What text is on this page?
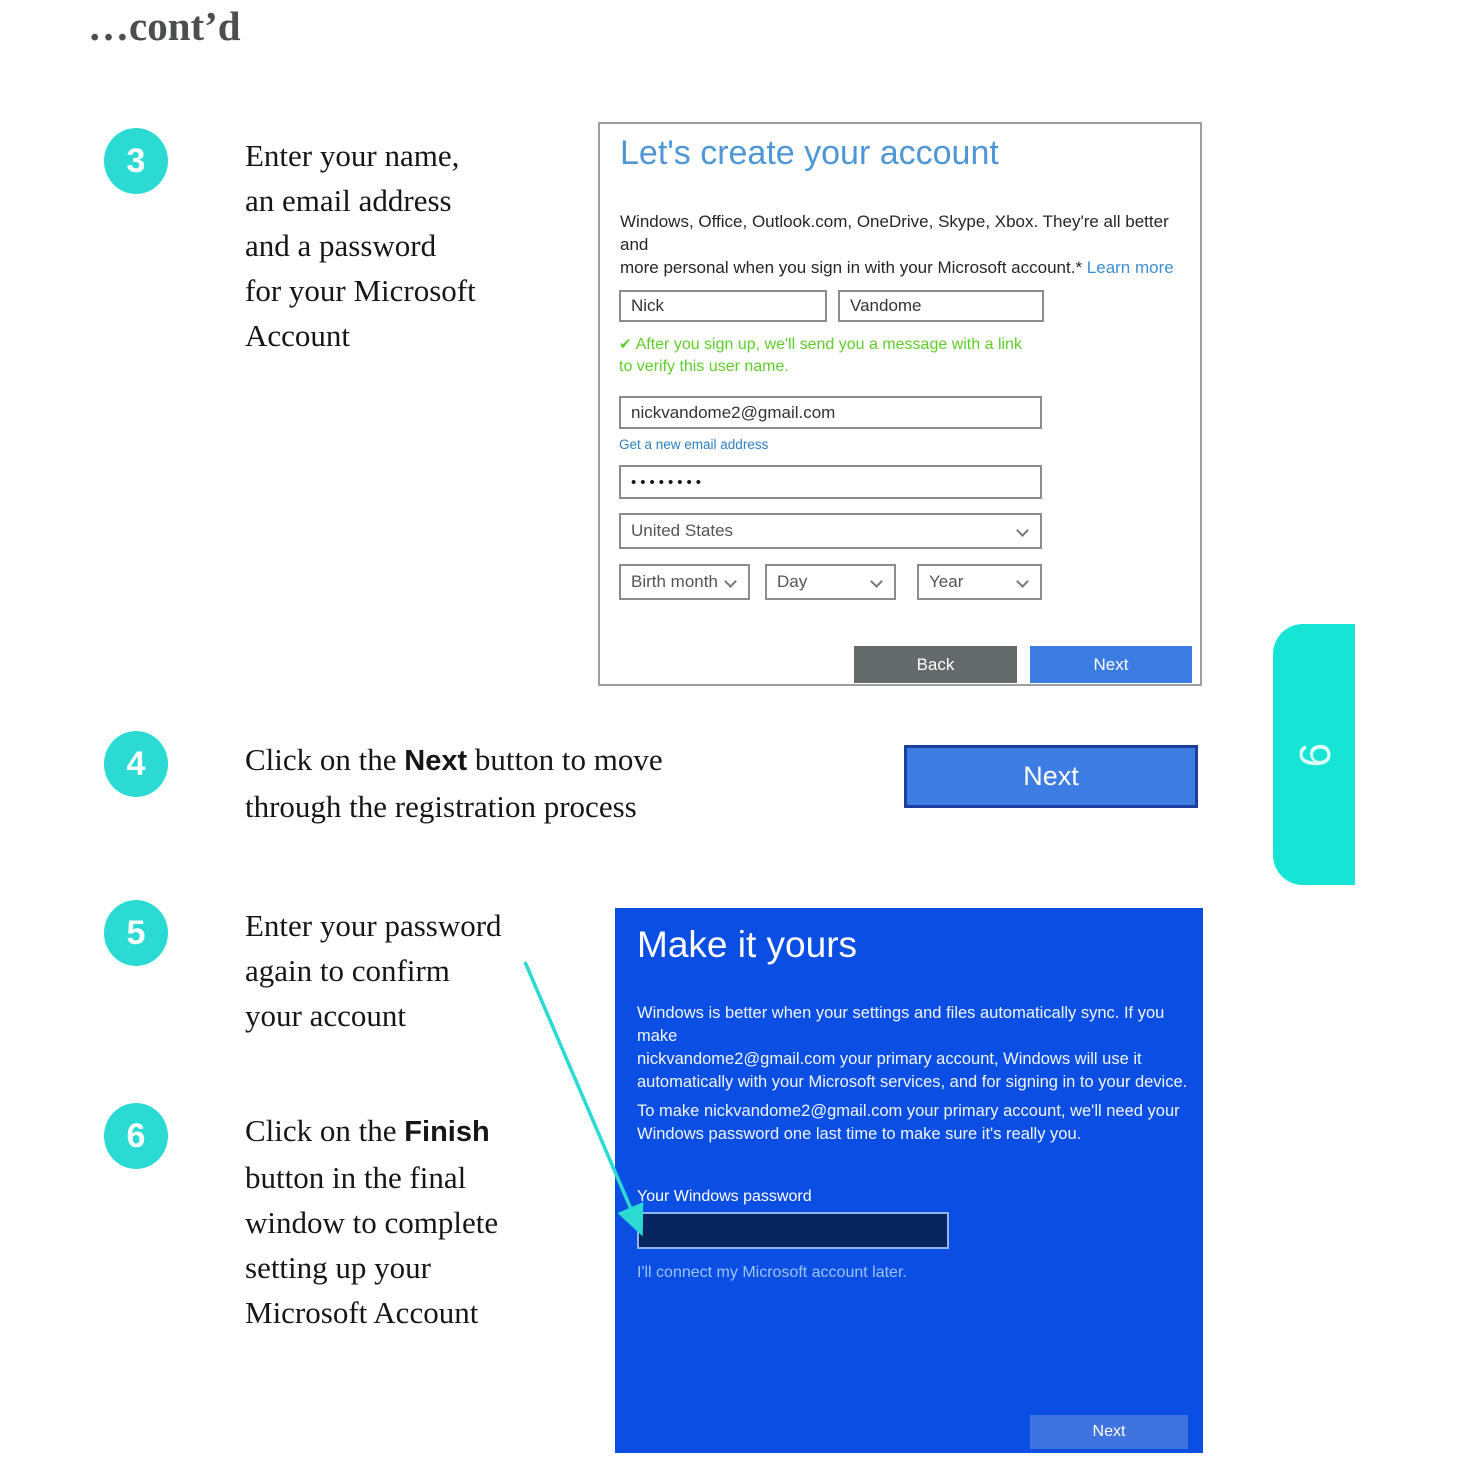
…cont’d
3	Enter your name,
an email address
and a password
for your Microsoft
Account
4	Click on the Next button to move
through the registration process
5	Enter your password
again to confirm
your account
6	Click on the Finish
button in the final
window to complete
setting up your
Microsoft Account
Let's create your account
Windows, Office, Outlook.com, OneDrive, Skype, Xbox. They're all better and
more personal when you sign in with your Microsoft account.* Learn more
Nick	Vandome
✔ After you sign up, we'll send you a message with a link
to verify this user name.
nickvandome2@gmail.com
Get a new email address
••••••••
United States
Birth month	Day	Year
Back	Next
Next
9
Make it yours
Windows is better when your settings and files automatically sync. If you make
nickvandome2@gmail.com your primary account, Windows will use it
automatically with your Microsoft services, and for signing in to your device.
To make nickvandome2@gmail.com your primary account, we'll need your
Windows password one last time to make sure it's really you.
Your Windows password
I'll connect my Microsoft account later.
Next
